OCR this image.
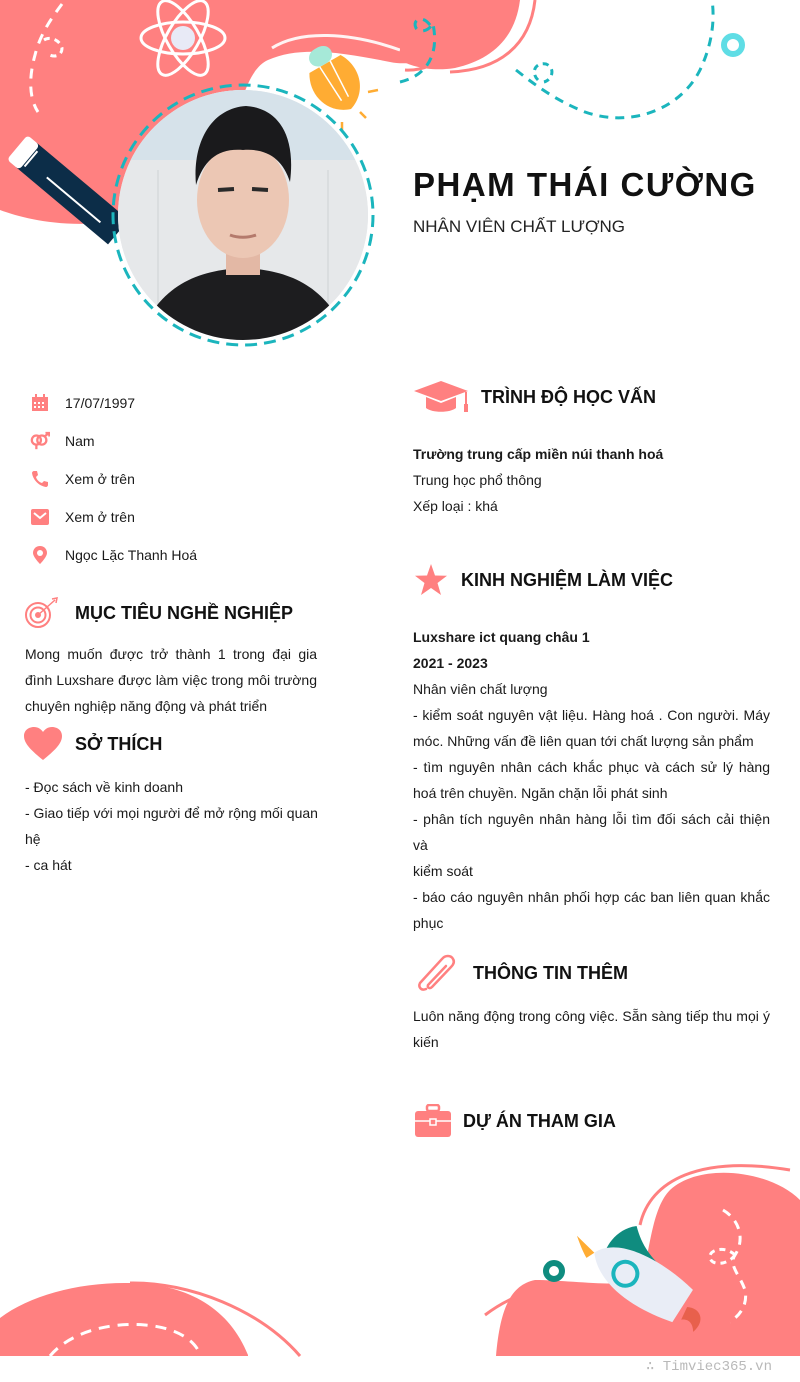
PHẠM THÁI CƯỜNG
NHÂN VIÊN CHẤT LƯỢNG
17/07/1997
Nam
Xem ở trên
Xem ở trên
Ngọc Lặc Thanh Hoá
MỤC TIÊU NGHỀ NGHIỆP
Mong muốn được trở thành 1 trong đại gia
đình Luxshare được làm việc trong môi trường
chuyên nghiệp năng động và phát triển
SỞ THÍCH
- Đọc sách về kinh doanh
- Giao tiếp với mọi người để mở rộng mối quan
hệ
- ca hát
TRÌNH ĐỘ HỌC VẤN
Trường trung cấp miền núi thanh hoá
Trung học phổ thông
Xếp loại : khá
KINH NGHIỆM LÀM VIỆC
Luxshare ict quang châu 1
2021 - 2023
Nhân viên chất lượng
- kiểm soát nguyên vật liệu. Hàng hoá . Con người. Máy
móc. Những vấn đề liên quan tới chất lượng sản phẩm
- tìm nguyên nhân cách khắc phục và cách sử lý hàng
hoá trên chuyền. Ngăn chặn lỗi phát sinh
- phân tích nguyên nhân hàng lỗi tìm đối sách cải thiện và
kiểm soát
- báo cáo nguyên nhân phối hợp các ban liên quan khắc
phục
THÔNG TIN THÊM
Luôn năng động trong công việc. Sẵn sàng tiếp thu mọi ý
kiến
DỰ ÁN THAM GIA
∴ Timviec365.vn
